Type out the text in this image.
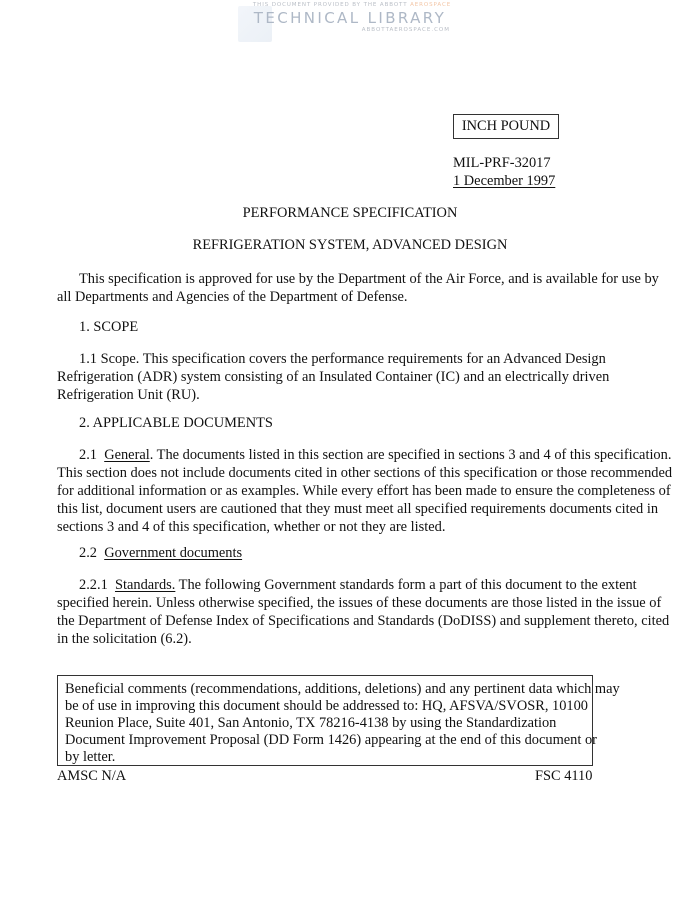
THIS DOCUMENT PROVIDED BY THE ABBOTT AEROSPACE
TECHNICAL LIBRARY
ABBOTTAEROSPACE.COM
INCH POUND
MIL-PRF-32017
1 December 1997
PERFORMANCE SPECIFICATION
REFRIGERATION SYSTEM, ADVANCED DESIGN
This specification is approved for use by the Department of the Air Force, and is available for use by
all Departments and Agencies of the Department of Defense.
1. SCOPE
1.1 Scope. This specification covers the performance requirements for an Advanced Design
Refrigeration (ADR) system consisting of an Insulated Container (IC) and an electrically driven
Refrigeration Unit (RU).
2. APPLICABLE DOCUMENTS
2.1 General. The documents listed in this section are specified in sections 3 and 4 of this specification.
This section does not include documents cited in other sections of this specification or those recommended
for additional information or as examples. While every effort has been made to ensure the completeness of
this list, document users are cautioned that they must meet all specified requirements documents cited in
sections 3 and 4 of this specification, whether or not they are listed.
2.2 Government documents
2.2.1 Standards. The following Government standards form a part of this document to the extent
specified herein. Unless otherwise specified, the issues of these documents are those listed in the issue of
the Department of Defense Index of Specifications and Standards (DoDISS) and supplement thereto, cited
in the solicitation (6.2).
Beneficial comments (recommendations, additions, deletions) and any pertinent data which may
be of use in improving this document should be addressed to: HQ, AFSVA/SVOSR, 10100
Reunion Place, Suite 401, San Antonio, TX 78216-4138 by using the Standardization
Document Improvement Proposal (DD Form 1426) appearing at the end of this document or
by letter.
AMSC N/A	FSC 4110
